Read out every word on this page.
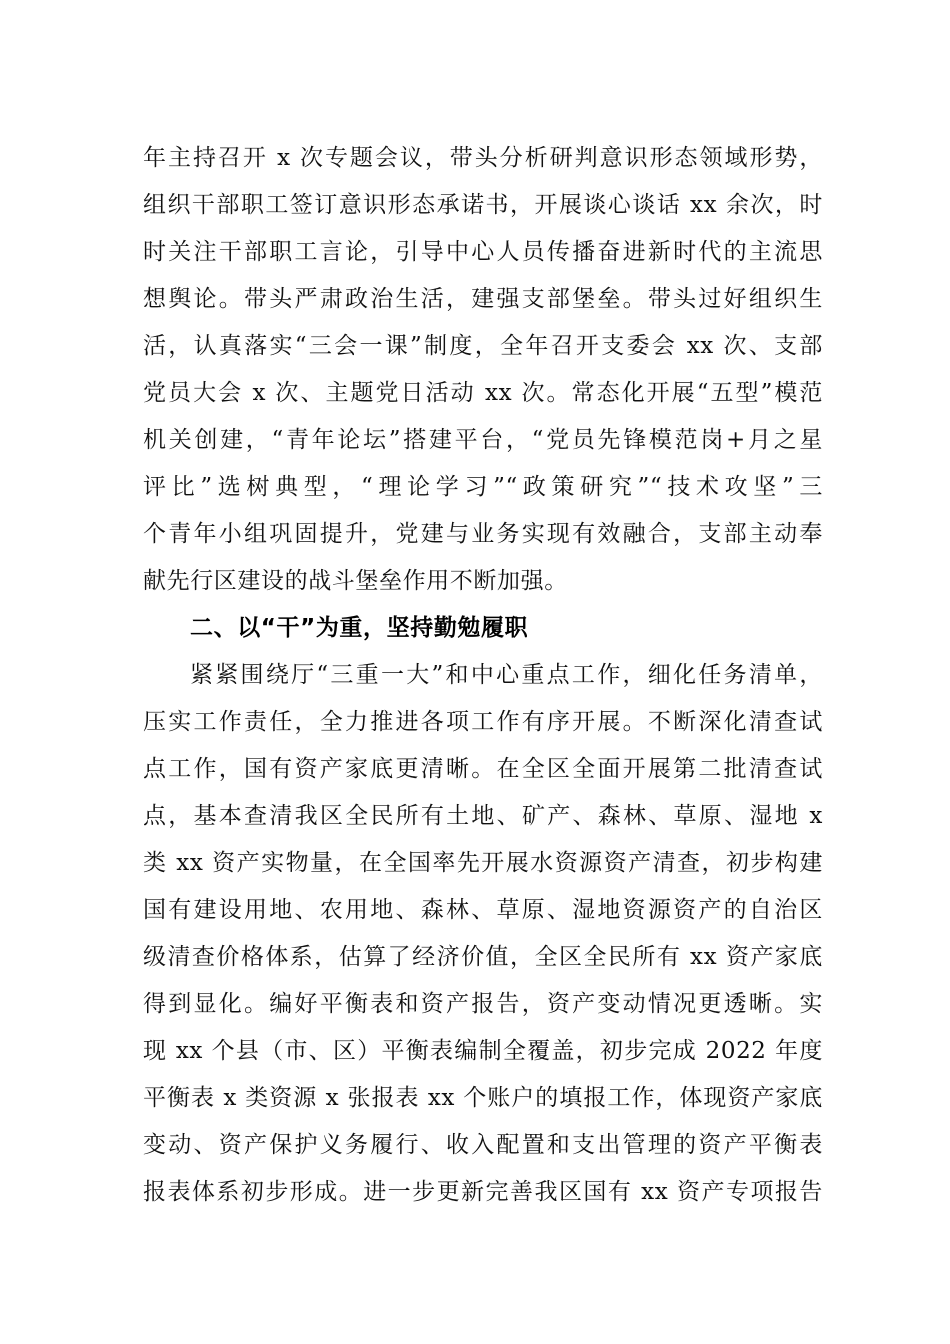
年主持召开 x 次专题会议，带头分析研判意识形态领域形势，
组织干部职工签订意识形态承诺书，开展谈心谈话 xx 余次，时
时关注干部职工言论，引导中心人员传播奋进新时代的主流思
想舆论。带头严肃政治生活，建强支部堡垒。带头过好组织生
活，认真落实“三会一课”制度，全年召开支委会 xx 次、支部
党员大会 x 次、主题党日活动 xx 次。常态化开展“五型”模范
机关创建，“青年论坛”搭建平台，“党员先锋模范岗+月之星
评比”选树典型，“理论学习”“政策研究”“技术攻坚”三
个青年小组巩固提升，党建与业务实现有效融合，支部主动奉
献先行区建设的战斗堡垒作用不断加强。
二、以“干”为重，坚持勤勉履职
紧紧围绕厅“三重一大”和中心重点工作，细化任务清单，
压实工作责任，全力推进各项工作有序开展。不断深化清查试
点工作，国有资产家底更清晰。在全区全面开展第二批清查试
点，基本查清我区全民所有土地、矿产、森林、草原、湿地 x
类 xx 资产实物量，在全国率先开展水资源资产清查，初步构建
国有建设用地、农用地、森林、草原、湿地资源资产的自治区
级清查价格体系，估算了经济价值，全区全民所有 xx 资产家底
得到显化。编好平衡表和资产报告，资产变动情况更透晰。实
现 xx 个县（市、区）平衡表编制全覆盖，初步完成 2022 年度
平衡表 x 类资源 x 张报表 xx 个账户的填报工作，体现资产家底
变动、资产保护义务履行、收入配置和支出管理的资产平衡表
报表体系初步形成。进一步更新完善我区国有 xx 资产专项报告
